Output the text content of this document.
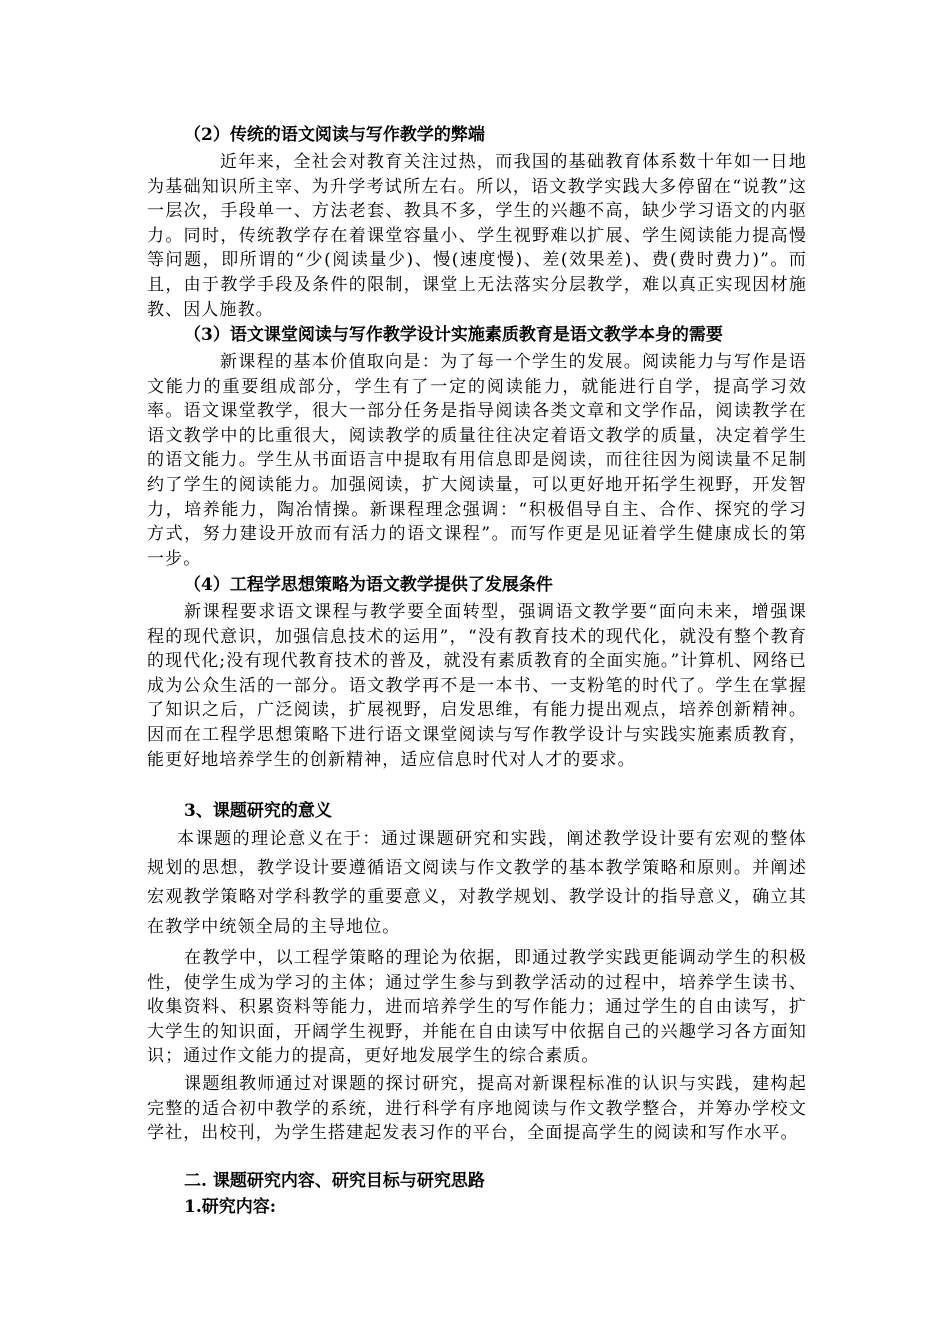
（2）传统的语文阅读与写作教学的弊端
近年来，全社会对教育关注过热，而我国的基础教育体系数十年如一日地为基础知识所主宰、为升学考试所左右。所以，语文教学实践大多停留在“说教”这一层次，手段单一、方法老套、教具不多，学生的兴趣不高，缺少学习语文的内驱力。同时，传统教学存在着课堂容量小、学生视野难以扩展、学生阅读能力提高慢等问题，即所谓的“少(阅读量少)、慢(速度慢)、差(效果差)、费(费时费力)”。而且，由于教学手段及条件的限制，课堂上无法落实分层教学，难以真正实现因材施教、因人施教。
（3）语文课堂阅读与写作教学设计实施素质教育是语文教学本身的需要
新课程的基本价值取向是：为了每一个学生的发展。阅读能力与写作是语文能力的重要组成部分，学生有了一定的阅读能力，就能进行自学，提高学习效率。语文课堂教学，很大一部分任务是指导阅读各类文章和文学作品，阅读教学在语文教学中的比重很大，阅读教学的质量往往决定着语文教学的质量，决定着学生的语文能力。学生从书面语言中提取有用信息即是阅读，而往往因为阅读量不足制约了学生的阅读能力。加强阅读，扩大阅读量，可以更好地开拓学生视野，开发智力，培养能力，陶冶情操。新课程理念强调：“积极倡导自主、合作、探究的学习方式，努力建设开放而有活力的语文课程”。而写作更是见证着学生健康成长的第一步。
（4）工程学思想策略为语文教学提供了发展条件
新课程要求语文课程与教学要全面转型，强调语文教学要“面向未来，增强课程的现代意识，加强信息技术的运用”，“没有教育技术的现代化，就没有整个教育的现代化;没有现代教育技术的普及，就没有素质教育的全面实施。”计算机、网络已成为公众生活的一部分。语文教学再不是一本书、一支粉笔的时代了。学生在掌握了知识之后，广泛阅读，扩展视野，启发思维，有能力提出观点，培养创新精神。因而在工程学思想策略下进行语文课堂阅读与写作教学设计与实践实施素质教育，能更好地培养学生的创新精神，适应信息时代对人才的要求。
3、课题研究的意义
本课题的理论意义在于：通过课题研究和实践，阐述教学设计要有宏观的整体规划的思想，教学设计要遵循语文阅读与作文教学的基本教学策略和原则。并阐述宏观教学策略对学科教学的重要意义，对教学规划、教学设计的指导意义，确立其在教学中统领全局的主导地位。
在教学中，以工程学策略的理论为依据，即通过教学实践更能调动学生的积极性，使学生成为学习的主体；通过学生参与到教学活动的过程中，培养学生读书、收集资料、积累资料等能力，进而培养学生的写作能力；通过学生的自由读写，扩大学生的知识面，开阔学生视野，并能在自由读写中依据自己的兴趣学习各方面知识；通过作文能力的提高，更好地发展学生的综合素质。
课题组教师通过对课题的探讨研究，提高对新课程标准的认识与实践，建构起完整的适合初中教学的系统，进行科学有序地阅读与作文教学整合，并筹办学校文学社，出校刊，为学生搭建起发表习作的平台，全面提高学生的阅读和写作水平。
二. 课题研究内容、研究目标与研究思路
1.研究内容:
